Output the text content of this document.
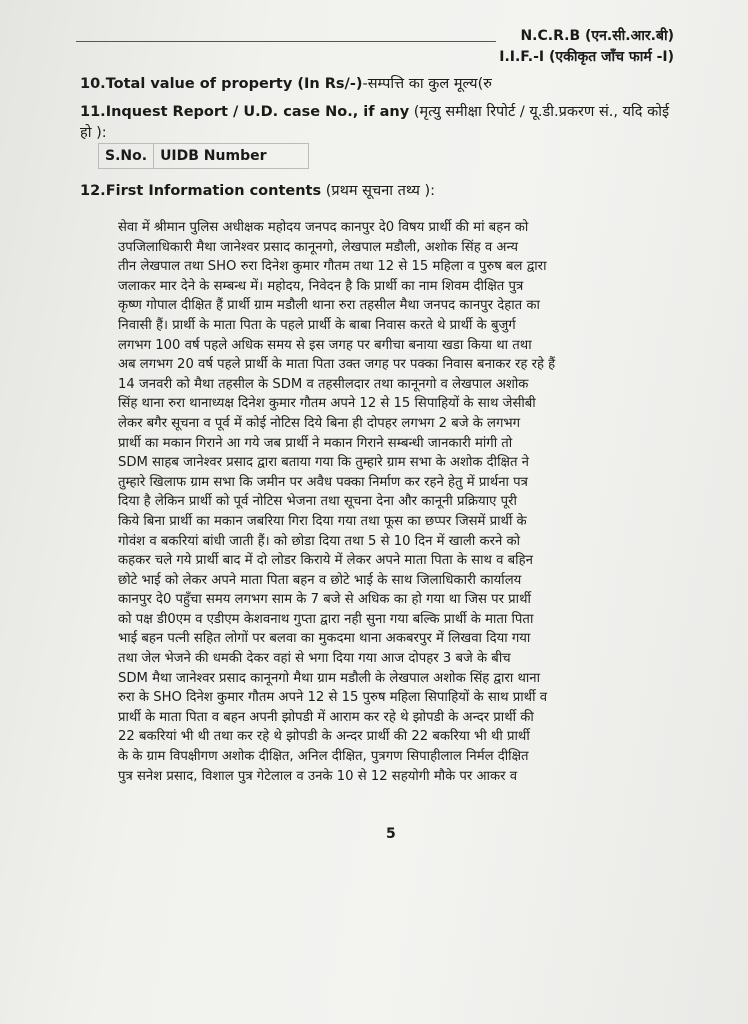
N.C.R.B (एन.सी.आर.बी)
I.I.F.-I (एकीकृत जाँच फार्म -I)
10.Total value of property (In Rs/-)-सम्पत्ति का कुल मूल्य(रु
11.Inquest Report / U.D. case No., if any (मृत्यु समीक्षा रिपोर्ट / यू.डी.प्रकरण सं., यदि कोई हो ):
S.No.	UIDB Number
12.First Information contents (प्रथम सूचना तथ्य ):
सेवा में श्रीमान पुलिस अधीक्षक महोदय जनपद कानपुर दे0 विषय प्रार्थी की मां बहन को
उपजिलाधिकारी मैथा जानेश्वर प्रसाद कानूनगो, लेखपाल मडौली, अशोक सिंह व अन्य
तीन लेखपाल तथा SHO रुरा दिनेश कुमार गौतम तथा 12 से 15 महिला व पुरुष बल द्वारा
जलाकर मार देने के सम्बन्ध में। महोदय, निवेदन है कि प्रार्थी का नाम शिवम दीक्षित पुत्र
कृष्ण गोपाल दीक्षित हैं प्रार्थी ग्राम मडौली थाना रुरा तहसील मैथा जनपद कानपुर देहात का
निवासी हैं। प्रार्थी के माता पिता के पहले प्रार्थी के बाबा निवास करते थे प्रार्थी के बुजुर्ग
लगभग 100 वर्ष पहले अधिक समय से इस जगह पर बगीचा बनाया खडा किया था तथा
अब लगभग 20 वर्ष पहले प्रार्थी के माता पिता उक्त जगह पर पक्का निवास बनाकर रह रहे हैं
14 जनवरी को मैथा तहसील के SDM व तहसीलदार तथा कानूनगो व लेखपाल अशोक
सिंह थाना रुरा थानाध्यक्ष दिनेश कुमार गौतम अपने 12 से 15 सिपाहियों के साथ जेसीबी
लेकर बगैर सूचना व पूर्व में कोई नोटिस दिये बिना ही दोपहर लगभग 2 बजे के लगभग
प्रार्थी का मकान गिराने आ गये जब प्रार्थी ने मकान गिराने सम्बन्धी जानकारी मांगी तो
SDM साहब जानेश्वर प्रसाद द्वारा बताया गया कि तुम्हारे ग्राम सभा के अशोक दीक्षित ने
तुम्हारे खिलाफ ग्राम सभा कि जमीन पर अवैध पक्का निर्माण कर रहने हेतु में प्रार्थना पत्र
दिया है लेकिन प्रार्थी को पूर्व नोटिस भेजना तथा सूचना देना और कानूनी प्रक्रियाए पूरी
किये बिना प्रार्थी का मकान जबरिया गिरा दिया गया तथा फूस का छप्पर जिसमें प्रार्थी के
गोवंश व बकरियां बांधी जाती हैं। को छोडा दिया तथा 5 से 10 दिन में खाली करने को
कहकर चले गये प्रार्थी बाद में दो लोडर किराये में लेकर अपने माता पिता के साथ व बहिन
छोटे भाई को लेकर अपने माता पिता बहन व छोटे भाई के साथ जिलाधिकारी कार्यालय
कानपुर दे0 पहुँचा समय लगभग साम के 7 बजे से अधिक का हो गया था जिस पर प्रार्थी
को पक्ष डी0एम व एडीएम केशवनाथ गुप्ता द्वारा नही सुना गया बल्कि प्रार्थी के माता पिता
भाई बहन पत्नी सहित लोगों पर बलवा का मुकदमा थाना अकबरपुर में लिखवा दिया गया
तथा जेल भेजने की धमकी देकर वहां से भगा दिया गया आज दोपहर 3 बजे के बीच
SDM मैथा जानेश्वर प्रसाद कानूनगो मैथा ग्राम मडौली के लेखपाल अशोक सिंह द्वारा थाना
रुरा के SHO दिनेश कुमार गौतम अपने 12 से 15 पुरुष महिला सिपाहियों के साथ प्रार्थी व
प्रार्थी के माता पिता व बहन अपनी झोपडी में आराम कर रहे थे झोपडी के अन्दर प्रार्थी की
22 बकरियां भी थी तथा कर रहे थे झोपडी के अन्दर प्रार्थी की 22 बकरिया भी थी प्रार्थी
के के ग्राम विपक्षीगण अशोक दीक्षित, अनिल दीक्षित, पुत्रगण सिपाहीलाल निर्मल दीक्षित
पुत्र सनेश प्रसाद, विशाल पुत्र गेटेलाल व उनके 10 से 12 सहयोगी मौके पर आकर व
5
